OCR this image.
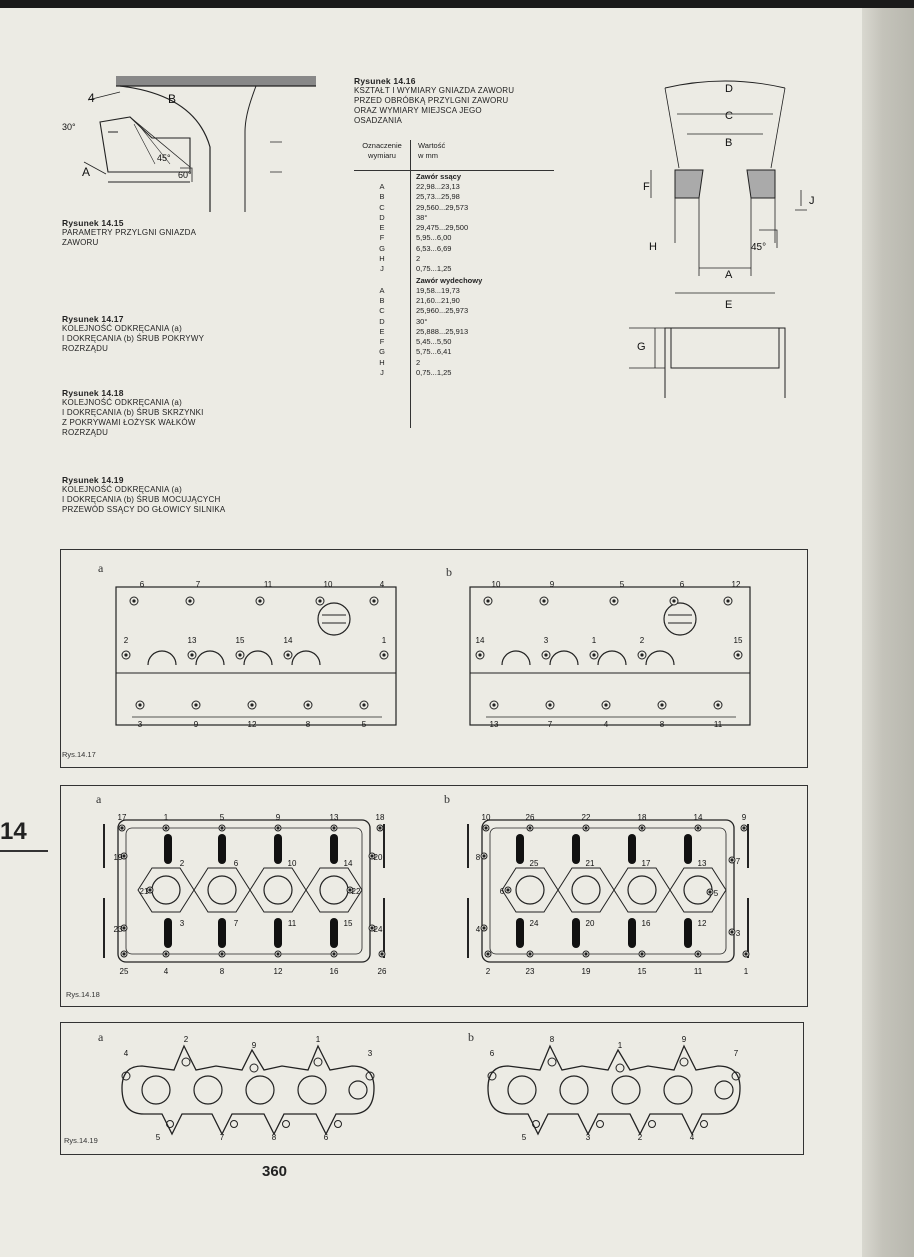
4	B
30°
45°
A	60°
Rysunek 14.15
PARAMETRY PRZYLGNI GNIAZDA
ZAWORU
Rysunek 14.17
KOLEJNOŚĆ ODKRĘCANIA (a)
I DOKRĘCANIA (b) ŚRUB POKRYWY
ROZRZĄDU
Rysunek 14.18
KOLEJNOŚĆ ODKRĘCANIA (a)
I DOKRĘCANIA (b) ŚRUB SKRZYNKI
Z POKRYWAMI ŁOŻYSK WAŁKÓW
ROZRZĄDU
Rysunek 14.19
KOLEJNOŚĆ ODKRĘCANIA (a)
I DOKRĘCANIA (b) ŚRUB MOCUJĄCYCH
PRZEWÓD SSĄCY DO GŁOWICY SILNIKA
Rysunek 14.16
KSZTAŁT I WYMIARY GNIAZDA ZAWORU
PRZED OBRÓBKĄ PRZYLGNI ZAWORU
ORAZ WYMIARY MIEJSCA JEGO
OSADZANIA
Oznaczenie
wymiaru
Wartość
w mm
Zawór ssący
A	22,98...23,13
B	25,73...25,98
C	29,560...29,573
D	38°
E	29,475...29,500
F	5,95...6,00
G	6,53...6,69
H	2
J	0,75...1,25
Zawór wydechowy
A	19,58...19,73
B	21,60...21,90
C	25,960...25,973
D	30°
E	25,888...25,913
F	5,45...5,50
G	5,75...6,41
H	2
J	0,75...1,25
D
C
B
F
J
H	45°
A
E
G
14
a	b
Rys.14.17
6	7	11	10	4
2	13	15	14	1
3	9	12	8	5
10	9	5	6	12
14	3	1	2	15
13	7	4	8	11
a	b
Rys.14.18
2
3
6
7
10
11
14
15
17	1	5	9	13	18
25	4	8	12	16	26
19	20
21	22
23	24
25
24
21
20
17
16
13
12
10	26	22	18	14	9
2	23	19	15	11	1
8	7
6	5
4	3
a	b
Rys.14.19
4
2
9
1
3
5	7	8	6
6
8
1
9
7
5	3	2	4
360
